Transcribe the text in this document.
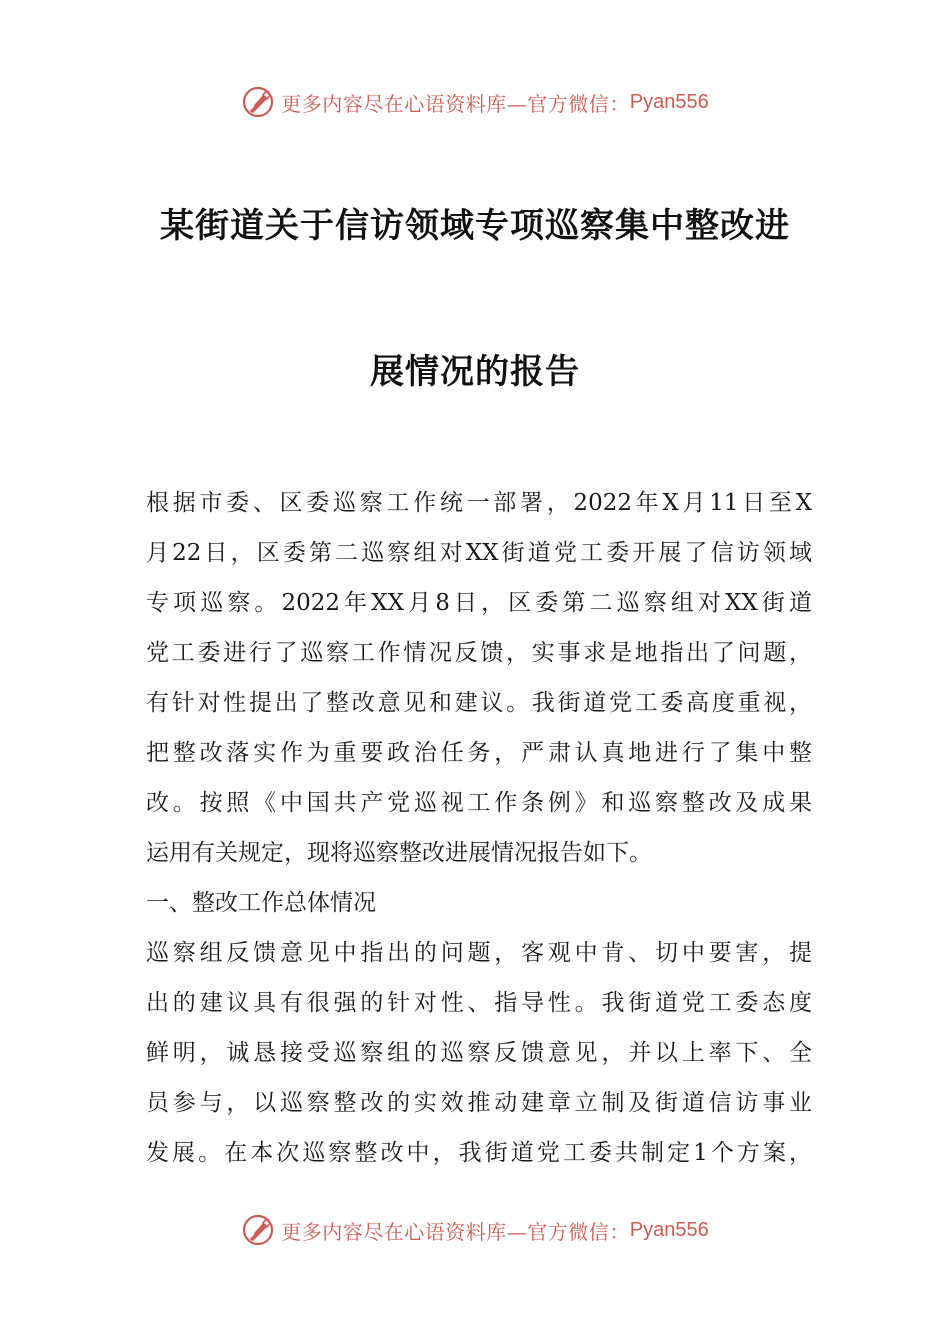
更多内容尽在心语资料库—官方微信： Pyan556
某街道关于信访领域专项巡察集中整改进
展情况的报告
根据市委、区委巡察工作统一部署，2022年X月11日至X
月22日，区委第二巡察组对XX街道党工委开展了信访领域
专项巡察。2022年XX月8日，区委第二巡察组对XX街道
党工委进行了巡察工作情况反馈，实事求是地指出了问题，
有针对性提出了整改意见和建议。我街道党工委高度重视，
把整改落实作为重要政治任务，严肃认真地进行了集中整
改。按照《中国共产党巡视工作条例》和巡察整改及成果
运用有关规定，现将巡察整改进展情况报告如下。
一、整改工作总体情况
巡察组反馈意见中指出的问题，客观中肯、切中要害，提
出的建议具有很强的针对性、指导性。我街道党工委态度
鲜明，诚恳接受巡察组的巡察反馈意见，并以上率下、全
员参与，以巡察整改的实效推动建章立制及街道信访事业
发展。在本次巡察整改中，我街道党工委共制定1个方案，
更多内容尽在心语资料库—官方微信： Pyan556
